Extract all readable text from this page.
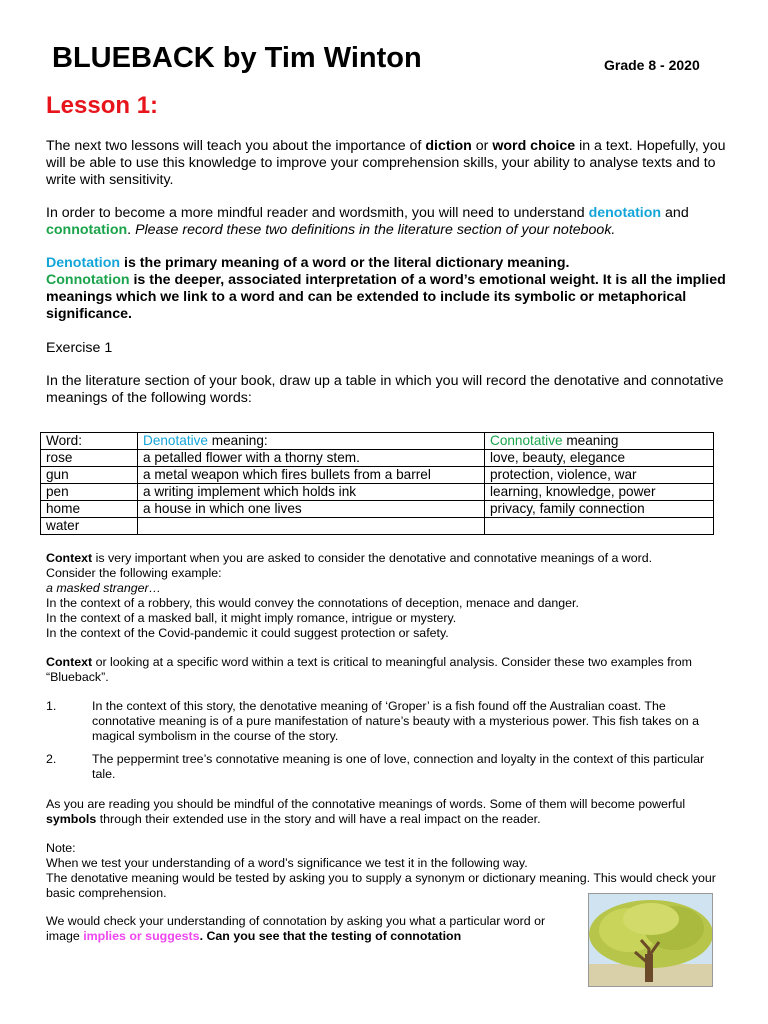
BLUEBACK by Tim Winton	Grade 8 - 2020
Lesson 1:
The next two lessons will teach you about the importance of diction or word choice in a text. Hopefully, you will be able to use this knowledge to improve your comprehension skills, your ability to analyse texts and to write with sensitivity.
In order to become a more mindful reader and wordsmith, you will need to understand denotation and connotation. Please record these two definitions in the literature section of your notebook.
Denotation is the primary meaning of a word or the literal dictionary meaning.
Connotation is the deeper, associated interpretation of a word’s emotional weight. It is all the implied meanings which we link to a word and can be extended to include its symbolic or metaphorical significance.
Exercise 1
In the literature section of your book, draw up a table in which you will record the denotative and connotative meanings of the following words:
Word:	Denotative meaning:	Connotative meaning
rose	a petalled flower with a thorny stem.	love, beauty, elegance
gun	a metal weapon which fires bullets from a barrel	protection, violence, war
pen	a writing implement which holds ink	learning, knowledge, power
home	a house in which one lives	privacy, family connection
water		
Context is very important when you are asked to consider the denotative and connotative meanings of a word.
Consider the following example:
a masked stranger…
In the context of a robbery, this would convey the connotations of deception, menace and danger.
In the context of a masked ball, it might imply romance, intrigue or mystery.
In the context of the Covid-pandemic it could suggest protection or safety.
Context or looking at a specific word within a text is critical to meaningful analysis. Consider these two examples from “Blueback”.
1.	In the context of this story, the denotative meaning of ‘Groper’ is a fish found off the Australian coast. The connotative meaning is of a pure manifestation of nature’s beauty with a mysterious power. This fish takes on a magical symbolism in the course of the story.
2.	The peppermint tree’s connotative meaning is one of love, connection and loyalty in the context of this particular tale.
As you are reading you should be mindful of the connotative meanings of words. Some of them will become powerful symbols through their extended use in the story and will have a real impact on the reader.
Note:
When we test your understanding of a word’s significance we test it in the following way.
The denotative meaning would be tested by asking you to supply a synonym or dictionary meaning. This would check your basic comprehension.
We would check your understanding of connotation by asking you what a particular word or image implies or suggests. Can you see that the testing of connotation
